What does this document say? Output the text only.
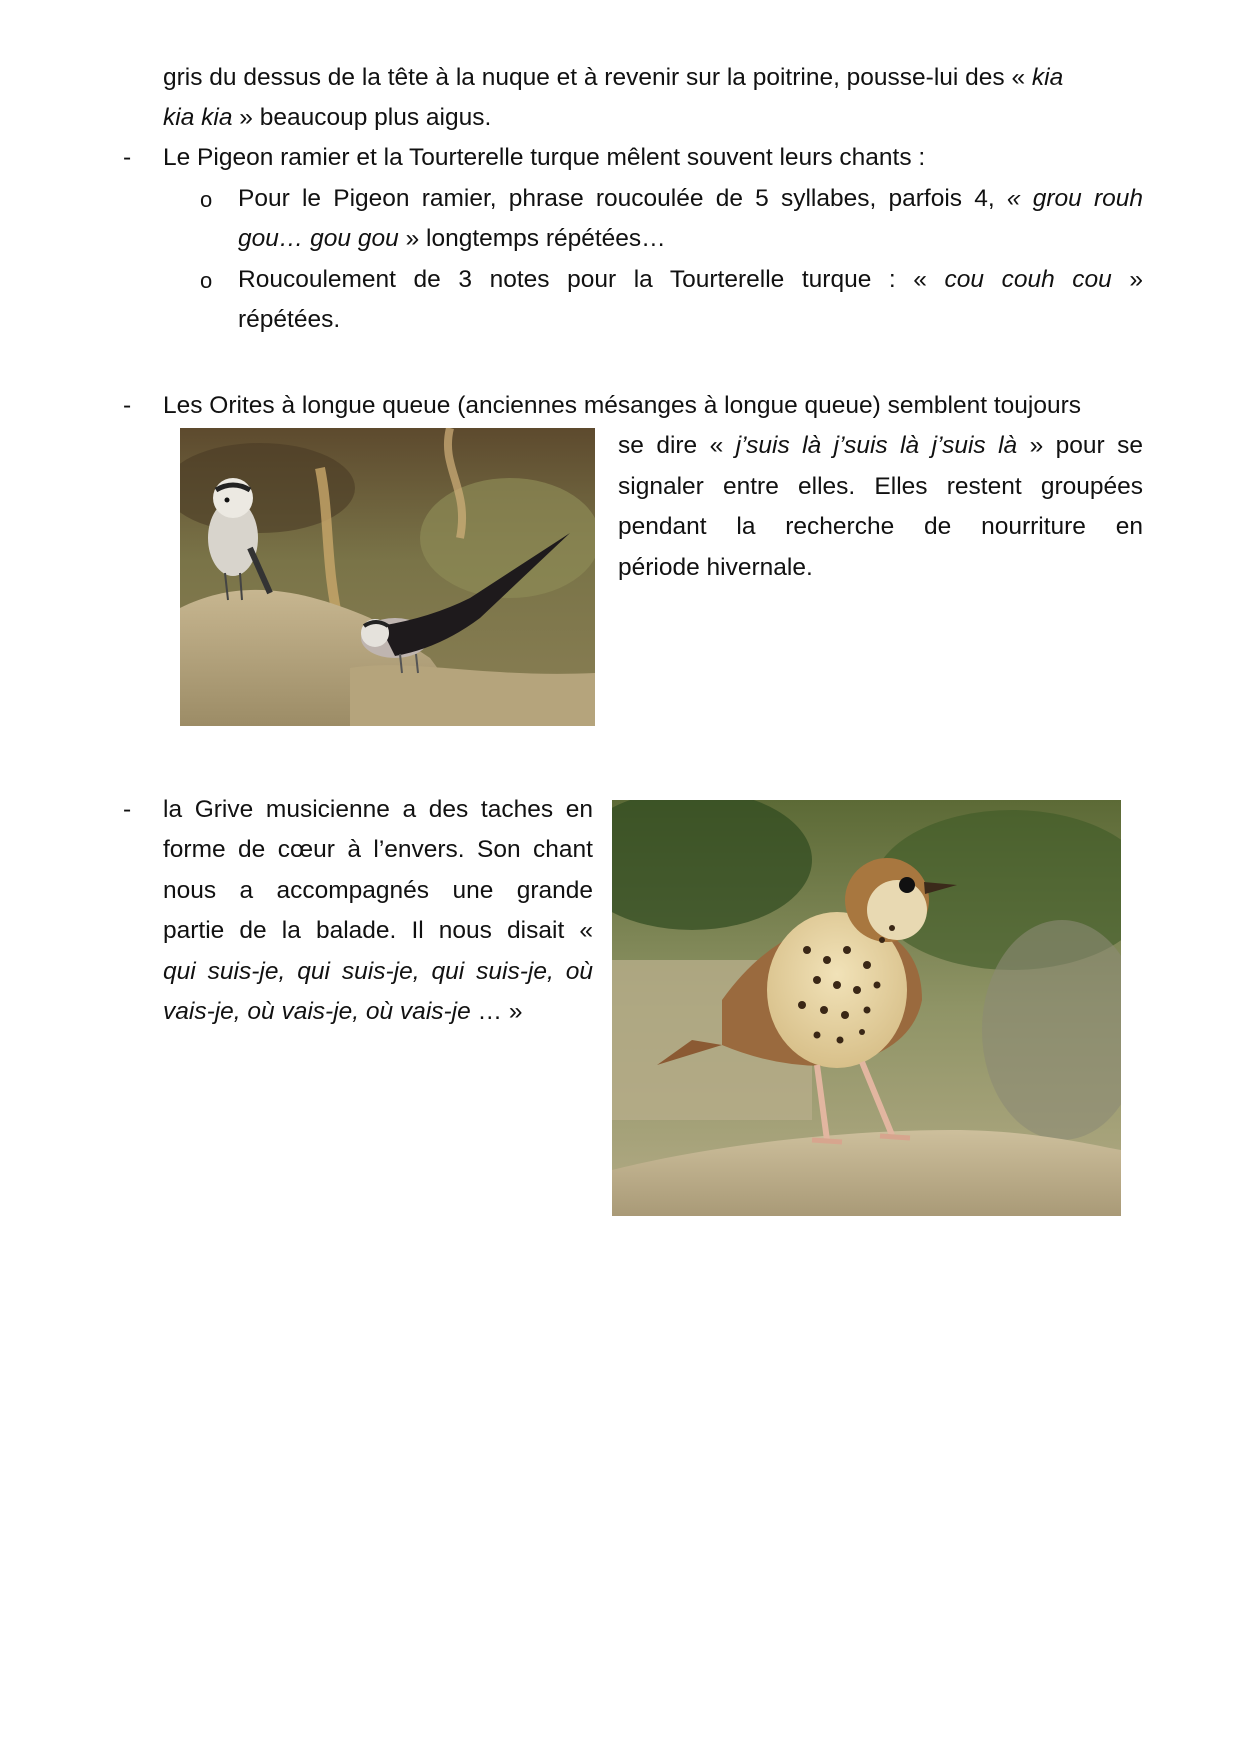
gris du dessus de la tête à la nuque et à revenir sur la poitrine, pousse-lui des « kia
kia kia » beaucoup plus aigus.
- Le Pigeon ramier et la Tourterelle turque mêlent souvent leurs chants :
o Pour le Pigeon ramier, phrase roucoulée de 5 syllabes, parfois 4, « grou rouh
gou… gou gou » longtemps répétées…
o Roucoulement de 3 notes pour la Tourterelle turque : « cou couh cou »
répétées.
- Les Orites à longue queue (anciennes mésanges à longue queue) semblent toujours
se dire « j’suis là j’suis là j’suis là » pour se
signaler entre elles. Elles restent groupées
pendant la recherche de nourriture en
période hivernale.
- la Grive musicienne a des taches en
forme de cœur à l’envers. Son chant
nous a accompagnés une grande
partie de la balade. Il nous disait «
qui suis-je, qui suis-je, qui suis-je, où
vais-je, où vais-je, où vais-je … »
